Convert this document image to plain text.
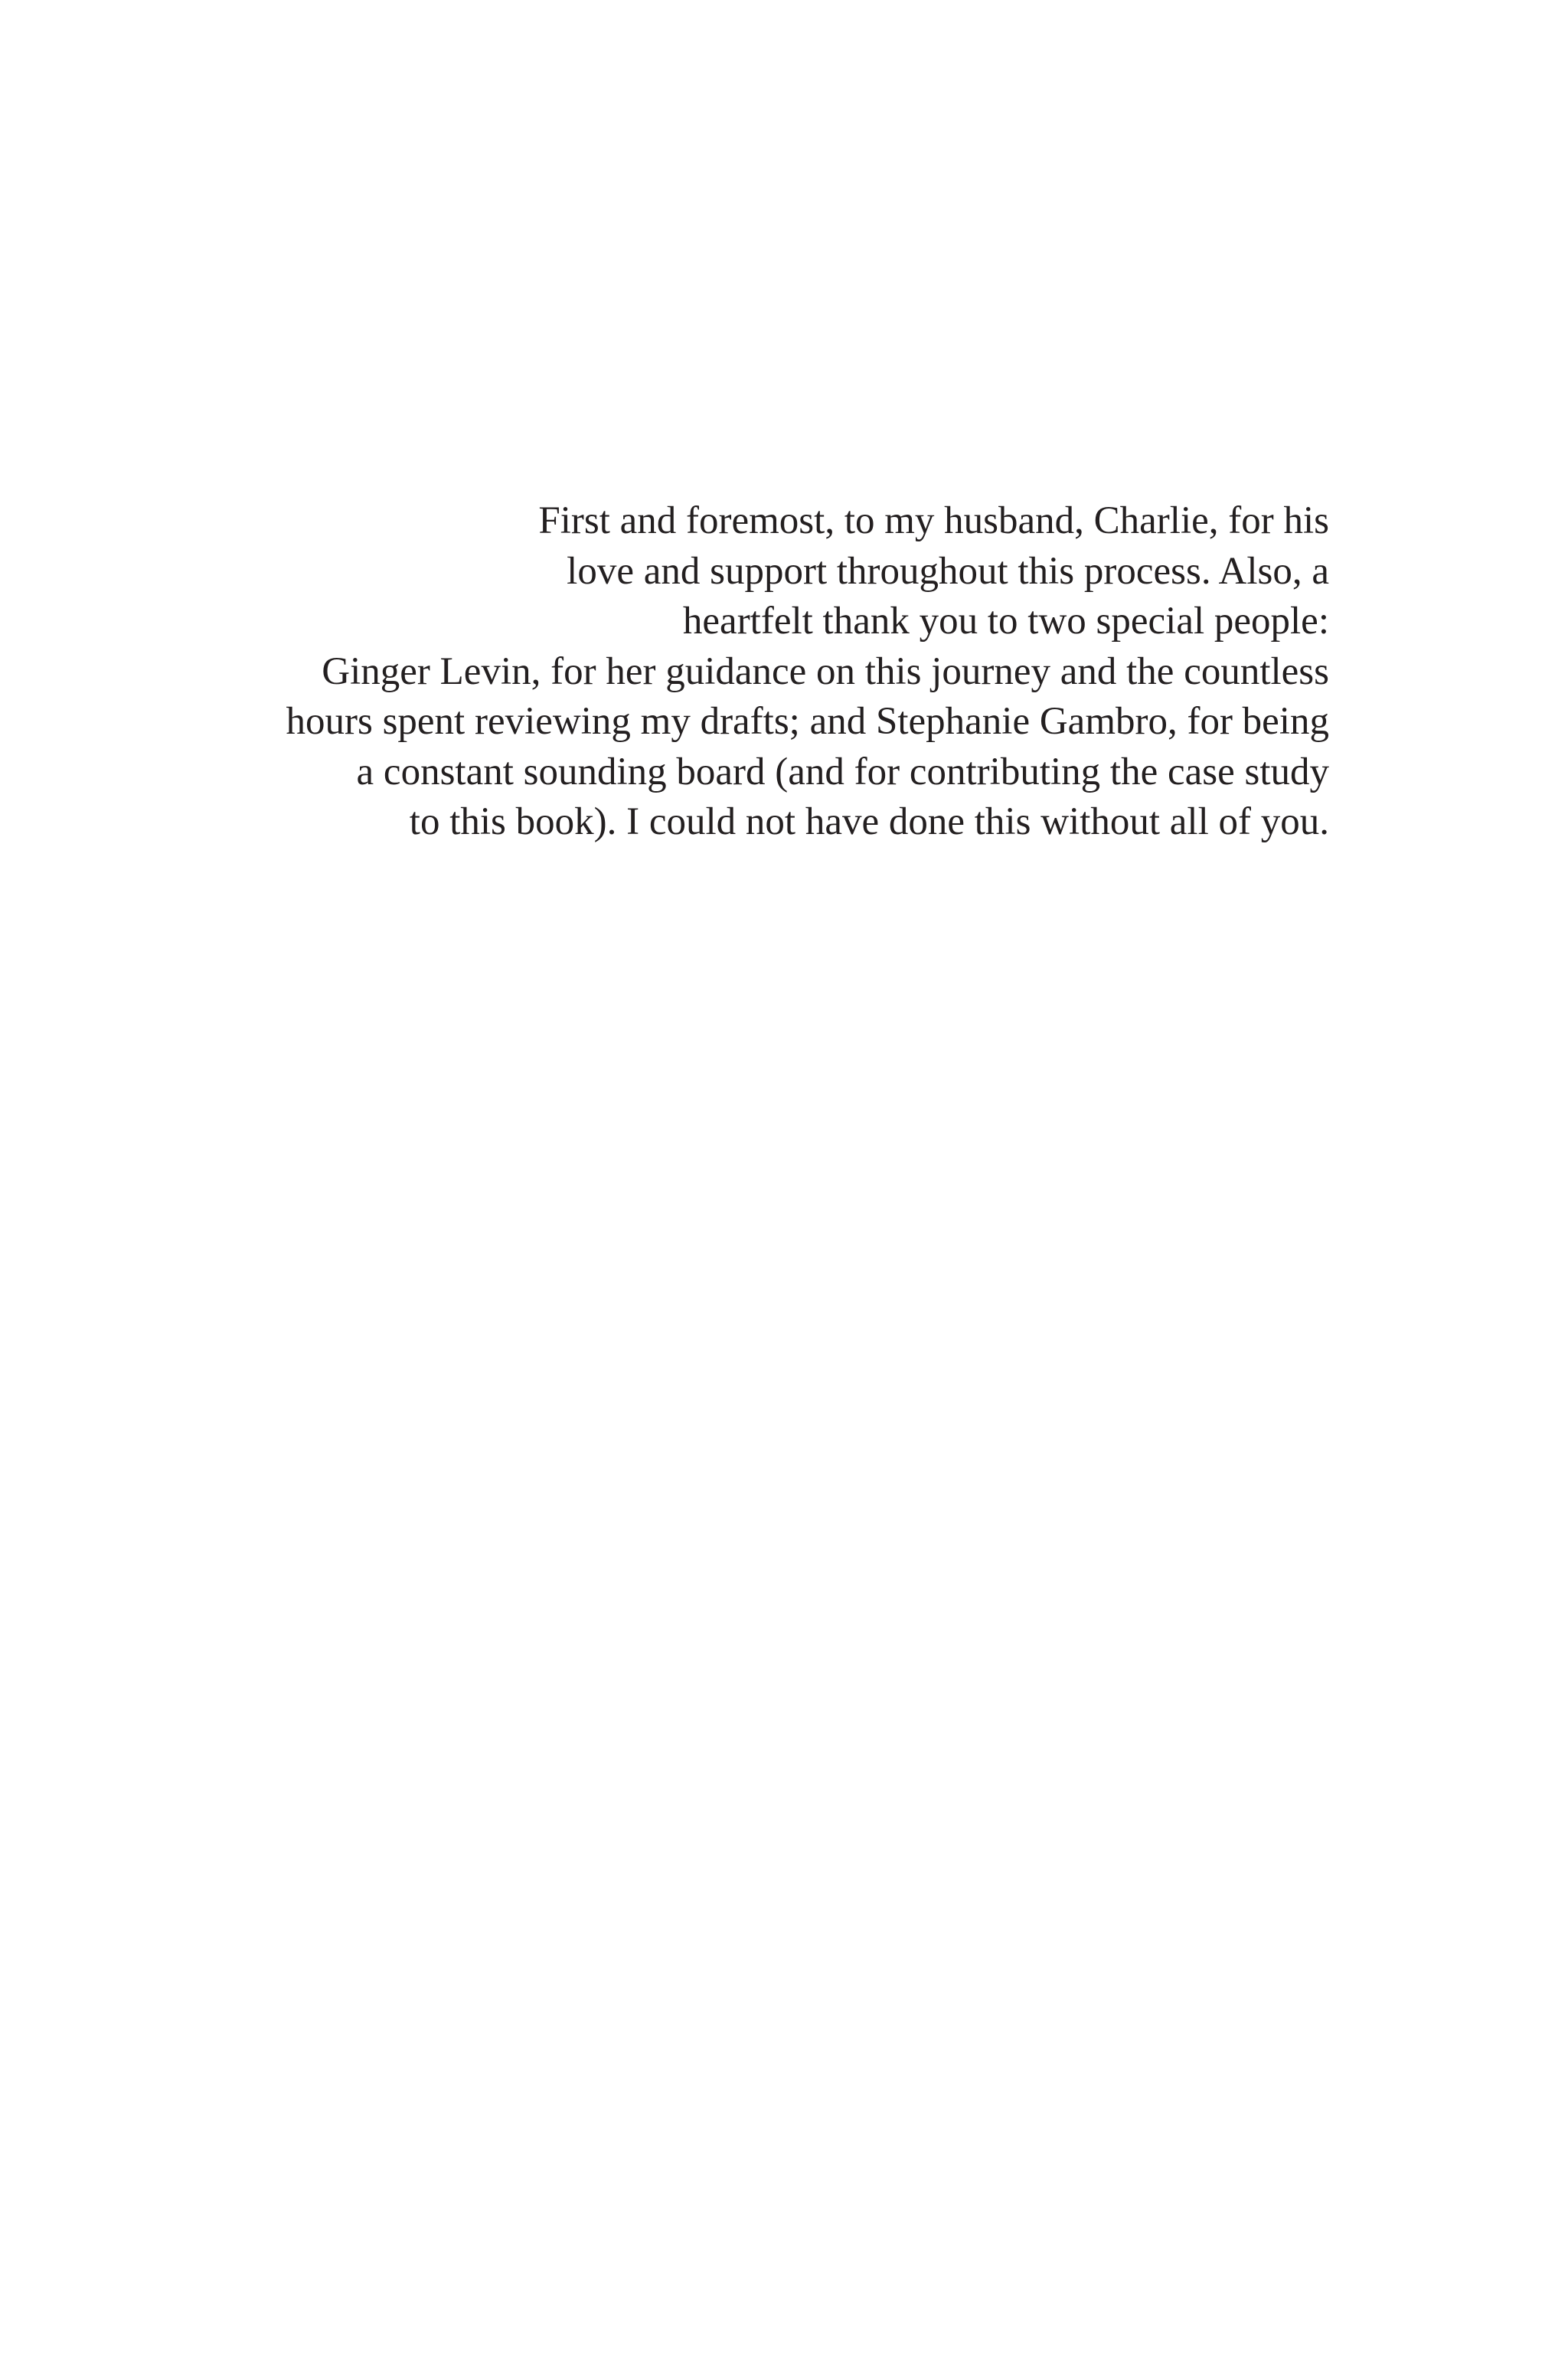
First and foremost, to my husband, Charlie, for his
love and support throughout this process. Also, a
heartfelt thank you to two special people:
Ginger Levin, for her guidance on this journey and the countless
hours spent reviewing my drafts; and Stephanie Gambro, for being
a constant sounding board (and for contributing the case study
to this book). I could not have done this without all of you.
